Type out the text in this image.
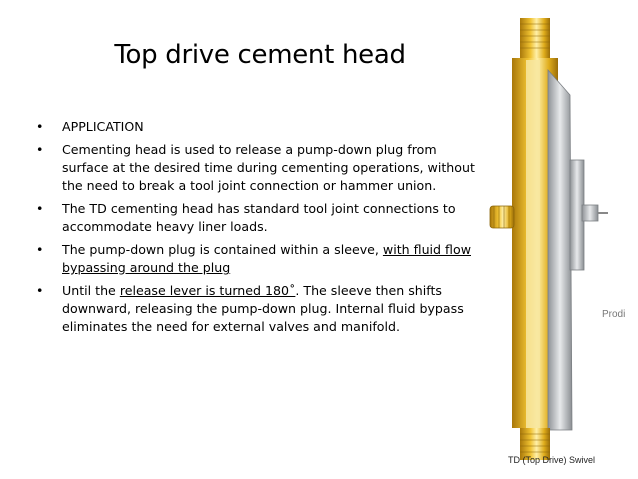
Top drive cement head
• APPLICATION
• Cementing head is used to release a pump-down plug from surface at the desired time during cementing operations, without the need to break a tool joint connection or hammer union.
• The TD cementing head has standard tool joint connections to accommodate heavy liner loads.
• The pump-down plug is contained within a sleeve, with fluid flow bypassing around the plug
• Until the release lever is turned 180˚. The sleeve then shifts downward, releasing the pump-down plug. Internal fluid bypass eliminates the need for external valves and manifold.
Prodi
TD (Top Drive) Swivel
